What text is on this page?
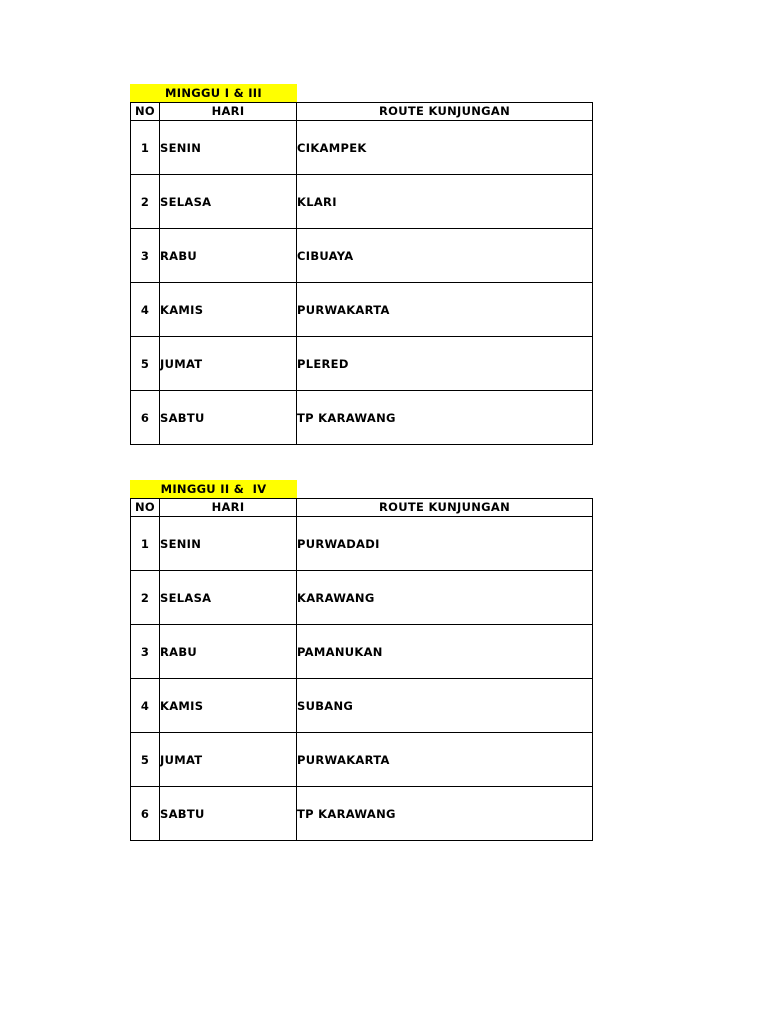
MINGGU I & III
NO	HARI	ROUTE KUNJUNGAN
1	SENIN	CIKAMPEK
2	SELASA	KLARI
3	RABU	CIBUAYA
4	KAMIS	PURWAKARTA
5	JUMAT	PLERED
6	SABTU	TP KARAWANG
MINGGU II &  IV
NO	HARI	ROUTE KUNJUNGAN
1	SENIN	PURWADADI
2	SELASA	KARAWANG
3	RABU	PAMANUKAN
4	KAMIS	SUBANG
5	JUMAT	PURWAKARTA
6	SABTU	TP KARAWANG
